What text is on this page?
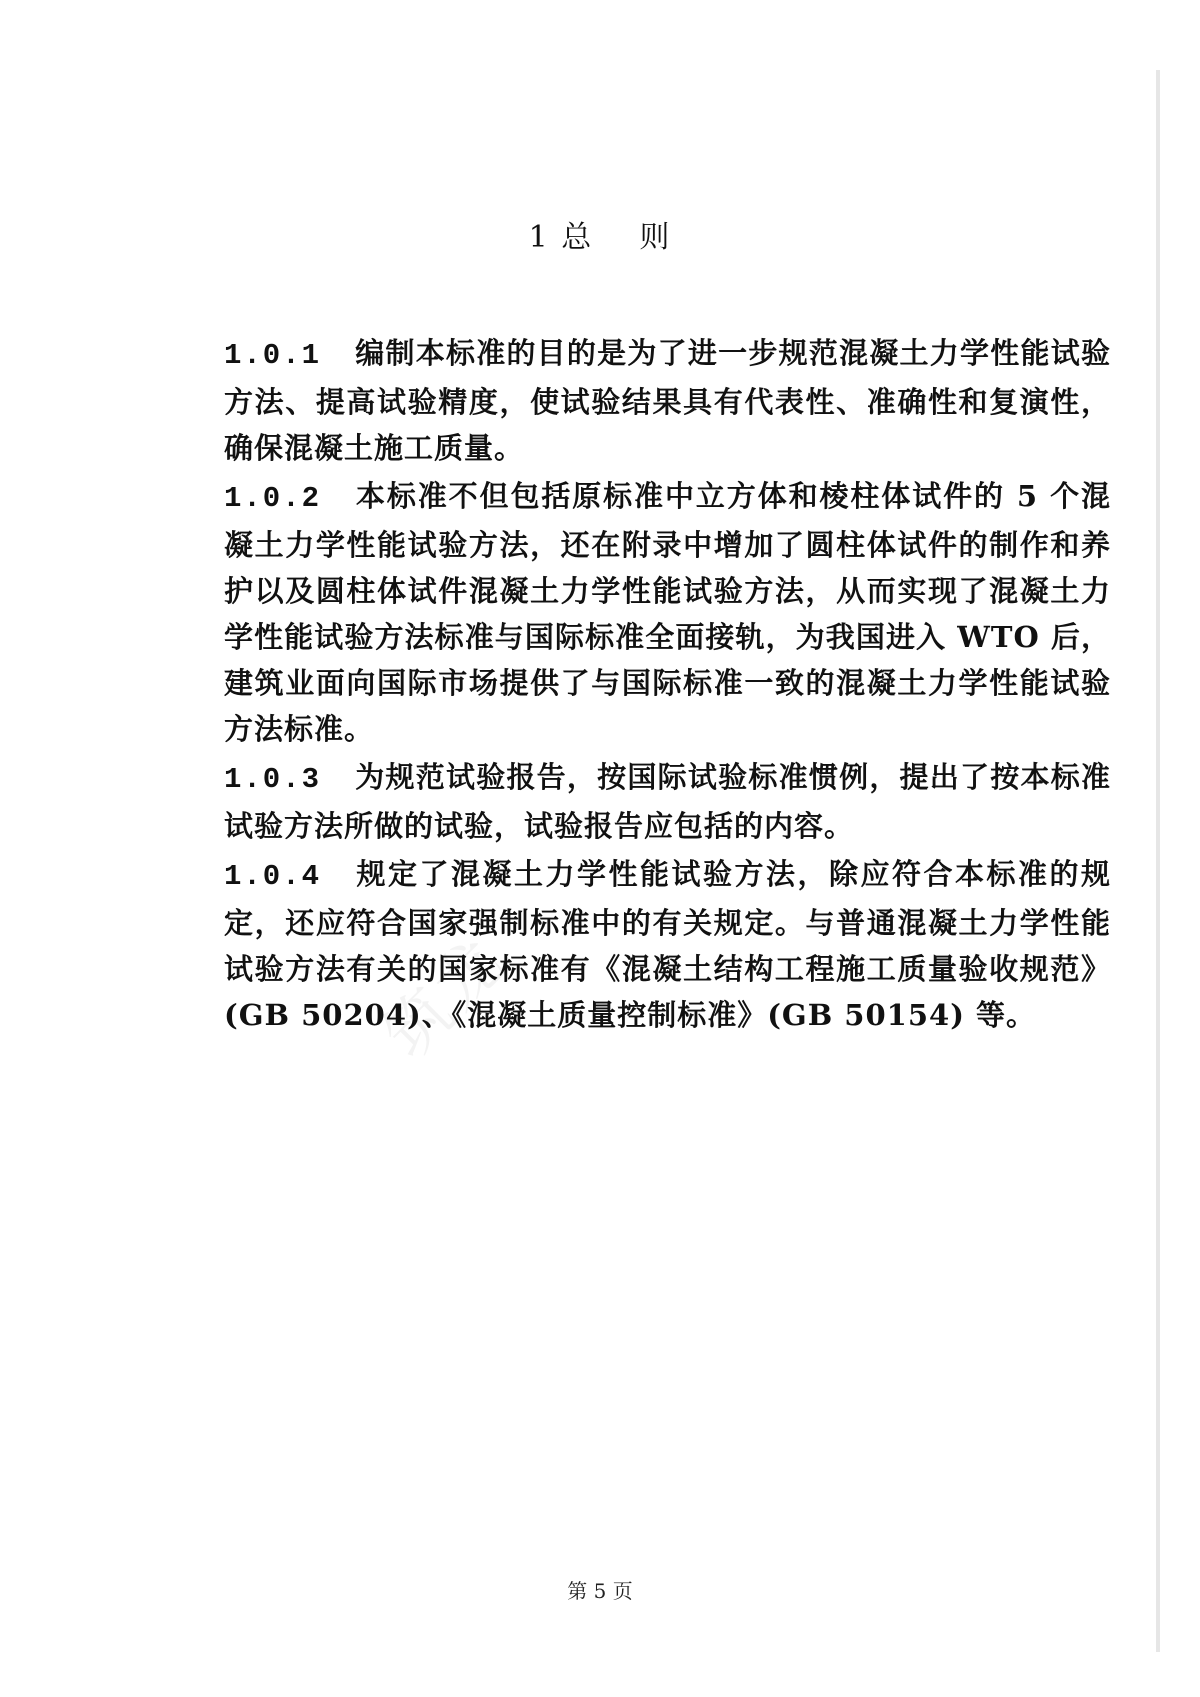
筑龙
1 总    则

1.0.1 编制本标准的目的是为了进一步规范混凝土力学性能试验方法、提高试验精度，使试验结果具有代表性、准确性和复演性，确保混凝土施工质量。

1.0.2 本标准不但包括原标准中立方体和棱柱体试件的 5 个混凝土力学性能试验方法，还在附录中增加了圆柱体试件的制作和养护以及圆柱体试件混凝土力学性能试验方法，从而实现了混凝土力学性能试验方法标准与国际标准全面接轨，为我国进入 WTO 后，建筑业面向国际市场提供了与国际标准一致的混凝土力学性能试验方法标准。

1.0.3 为规范试验报告，按国际试验标准惯例，提出了按本标准试验方法所做的试验，试验报告应包括的内容。

1.0.4 规定了混凝土力学性能试验方法，除应符合本标准的规定，还应符合国家强制标准中的有关规定。与普通混凝土力学性能试验方法有关的国家标准有《混凝土结构工程施工质量验收规范》(GB 50204)、《混凝土质量控制标准》(GB 50154) 等。

第 5 页
